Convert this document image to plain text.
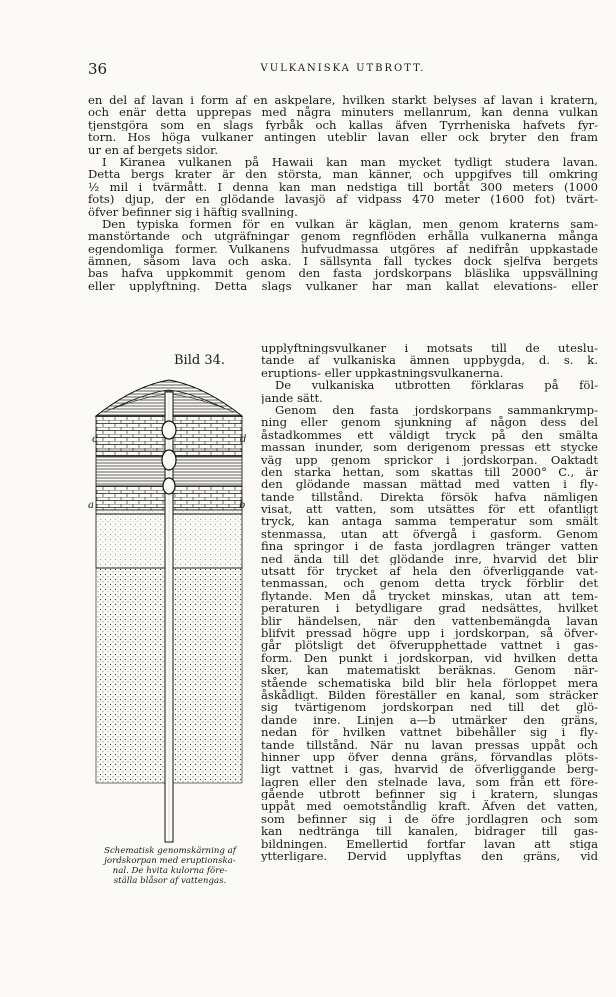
36	VULKANISKA UTBROTT.
en del af lavan i form af en askpelare, hvilken starkt belyses af lavan i kratern,
och enär detta upprepas med några minuters mellanrum, kan denna vulkan
tjenstgöra som en slags fyrbåk och kallas äfven Tyrrheniska hafvets fyr-
torn. Hos höga vulkaner antingen uteblir lavan eller ock bryter den fram
ur en af bergets sidor.
I Kiranea vulkanen på Hawaii kan man mycket tydligt studera lavan.
Detta bergs krater är den största, man känner, och uppgifves till omkring
½ mil i tvärmått. I denna kan man nedstiga till bortåt 300 meters (1000
fots) djup, der en glödande lavasjö af vidpass 470 meter (1600 fot) tvärt-
öfver befinner sig i häftig svallning.
Den typiska formen för en vulkan är käglan, men genom kraterns sam-
manstörtande och utgräfningar genom regnflöden erhålla vulkanerna många
egendomliga former. Vulkanens hufvudmassa utgöres af nedifrån uppkastade
ämnen, såsom lava och aska. I sällsynta fall tyckes dock sjelfva bergets
bas hafva uppkommit genom den fasta jordskorpans bläslika uppsvällning
eller upplyftning. Detta slags vulkaner har man kallat elevations- eller
Bild 34.
c	d
a	b
Schematisk genomskärning af
jordskorpan med eruptionska-
nal. De hvita kulorna före-
ställa blåsor af vattengas.
upplyftningsvulkaner i motsats till de uteslu-
tande af vulkaniska ämnen uppbygda, d. s. k.
eruptions- eller uppkastningsvulkanerna.
De vulkaniska utbrotten förklaras på föl-
jande sätt.
Genom den fasta jordskorpans sammankrymp-
ning eller genom sjunkning af någon dess del
åstadkommes ett väldigt tryck på den smälta
massan inunder, som derigenom pressas ett stycke
väg upp genom sprickor i jordskorpan. Oaktadt
den starka hettan, som skattas till 2000° C., är
den glödande massan mättad med vatten i fly-
tande tillstånd. Direkta försök hafva nämligen
visat, att vatten, som utsättes för ett ofantligt
tryck, kan antaga samma temperatur som smält
stenmassa, utan att öfvergå i gasform. Genom
fina springor i de fasta jordlagren tränger vatten
ned ända till det glödande inre, hvarvid det blir
utsatt för trycket af hela den öfverliggande vat-
tenmassan, och genom detta tryck förblir det
flytande. Men då trycket minskas, utan att tem-
peraturen i betydligare grad nedsättes, hvilket
blir händelsen, när den vattenbemängda lavan
blifvit pressad högre upp i jordskorpan, så öfver-
går plötsligt det öfverupphettade vattnet i gas-
form. Den punkt i jordskorpan, vid hvilken detta
sker, kan matematiskt beräknas. Genom när-
stående schematiska bild blir hela förloppet mera
åskådligt. Bilden föreställer en kanal, som sträcker
sig tvärtigenom jordskorpan ned till det glö-
dande inre. Linjen a—b utmärker den gräns,
nedan för hvilken vattnet bibehåller sig i fly-
tande tillstånd. När nu lavan pressas uppåt och
hinner upp öfver denna gräns, förvandlas plöts-
ligt vattnet i gas, hvarvid de öfverliggande berg-
lagren eller den stelnade lava, som från ett före-
gående utbrott befinner sig i kratern, slungas
uppåt med oemotståndlig kraft. Äfven det vatten,
som befinner sig i de öfre jordlagren och som
kan nedtränga till kanalen, bidrager till gas-
bildningen. Emellertid fortfar lavan att stiga
ytterligare. Dervid upplyftas den gräns, vid
